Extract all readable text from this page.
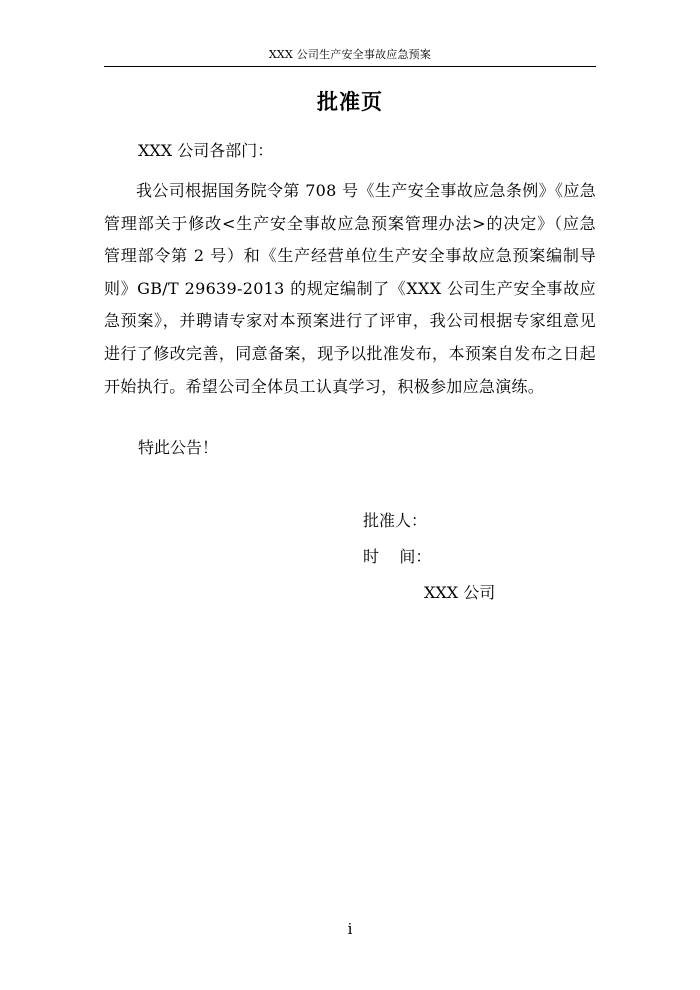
XXX 公司生产安全事故应急预案
批准页
XXX 公司各部门：
我公司根据国务院令第 708 号《生产安全事故应急条例》《应急管理部关于修改<生产安全事故应急预案管理办法>的决定》（应急管理部令第 2 号）和《生产经营单位生产安全事故应急预案编制导则》GB/T 29639-2013 的规定编制了《XXX 公司生产安全事故应急预案》，并聘请专家对本预案进行了评审，我公司根据专家组意见进行了修改完善，同意备案，现予以批准发布，本预案自发布之日起开始执行。希望公司全体员工认真学习，积极参加应急演练。
特此公告！
批准人：
时    间：
XXX 公司
i
